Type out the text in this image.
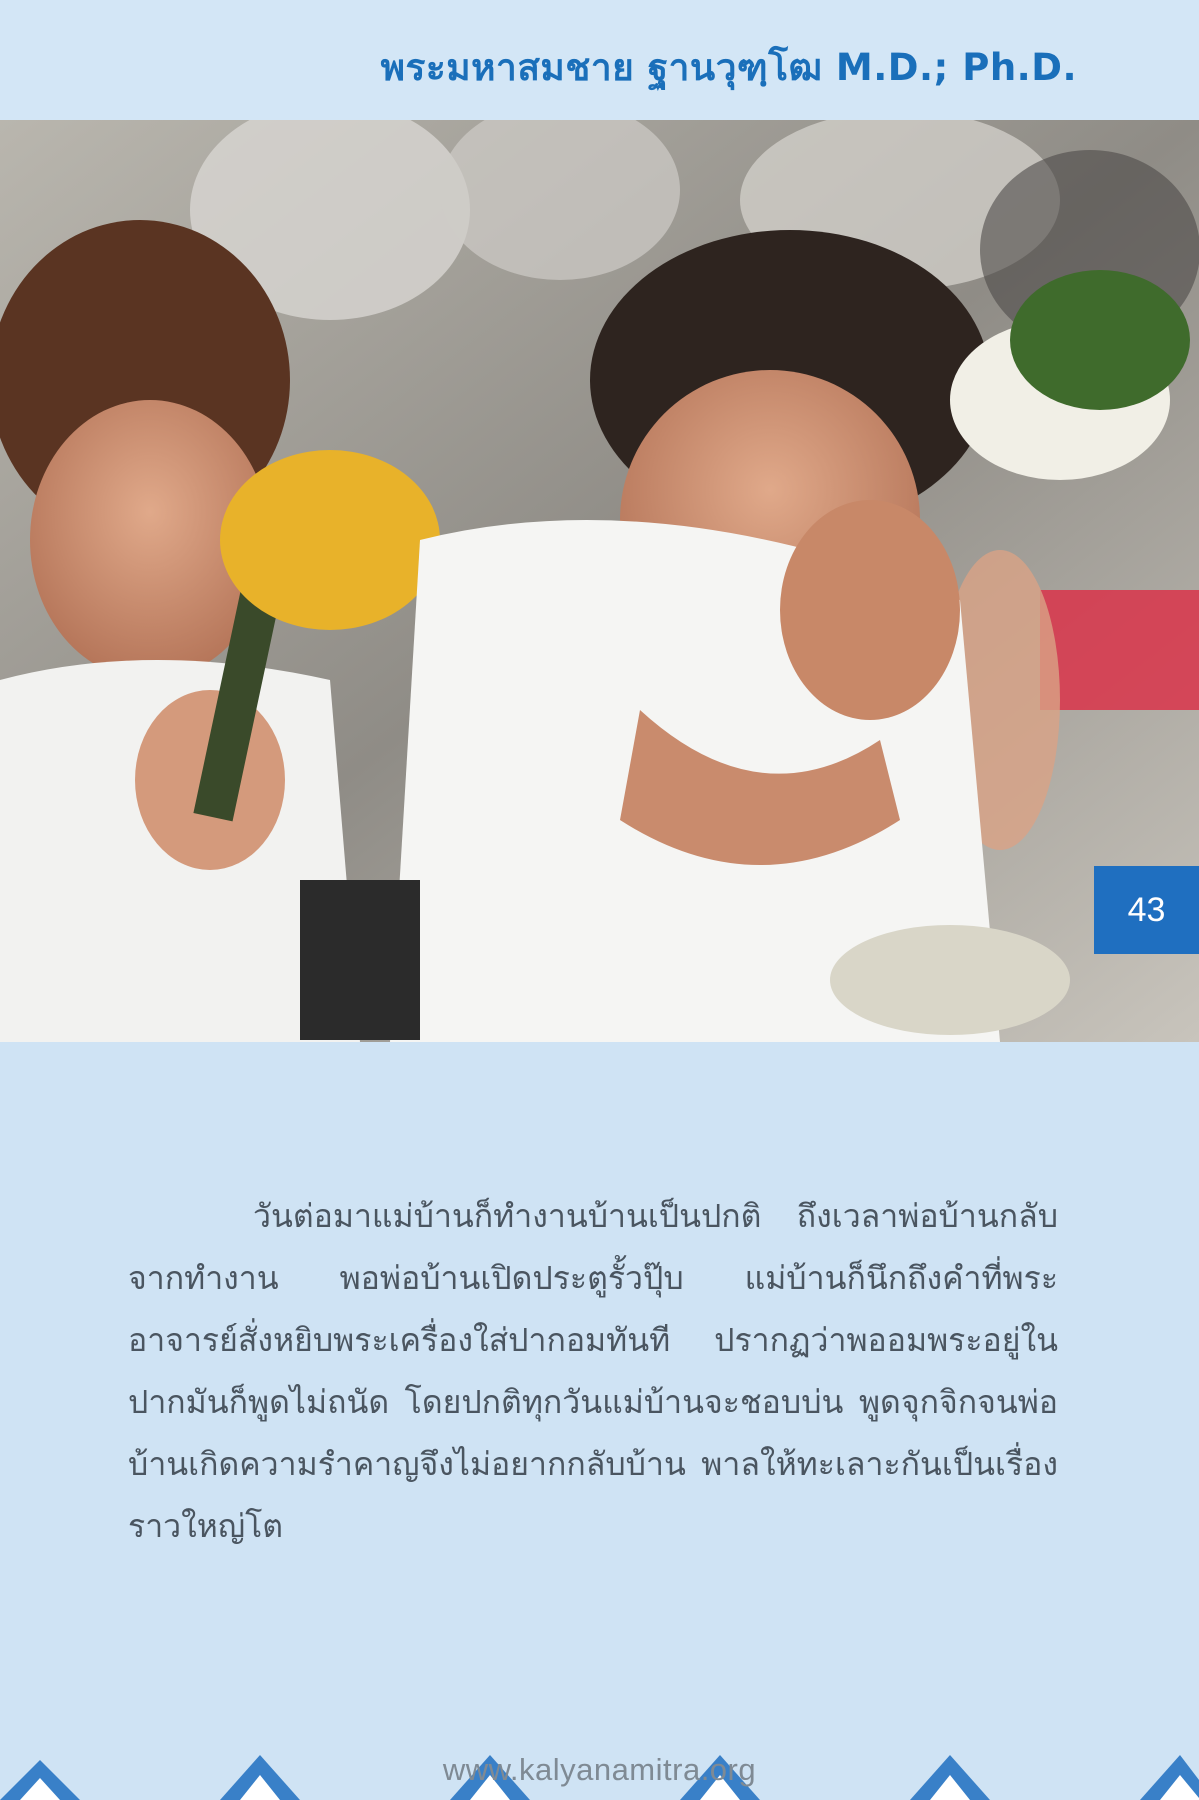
พระมหาสมชาย ฐานวุฑฺโฒ M.D.; Ph.D.
43

วันต่อมาแม่บ้านก็ทำงานบ้านเป็นปกติ ถึงเวลาพ่อบ้านกลับจากทำงาน พอพ่อบ้านเปิดประตูรั้วปุ๊บ แม่บ้านก็นึกถึงคำที่พระอาจารย์สั่งหยิบพระเครื่องใส่ปากอมทันที ปรากฏว่าพออมพระอยู่ในปากมันก็พูดไม่ถนัด โดยปกติทุกวันแม่บ้านจะชอบบ่น พูดจุกจิกจนพ่อบ้านเกิดความรำคาญจึงไม่อยากกลับบ้าน พาลให้ทะเลาะกันเป็นเรื่องราวใหญ่โต

www.kalyanamitra.org
